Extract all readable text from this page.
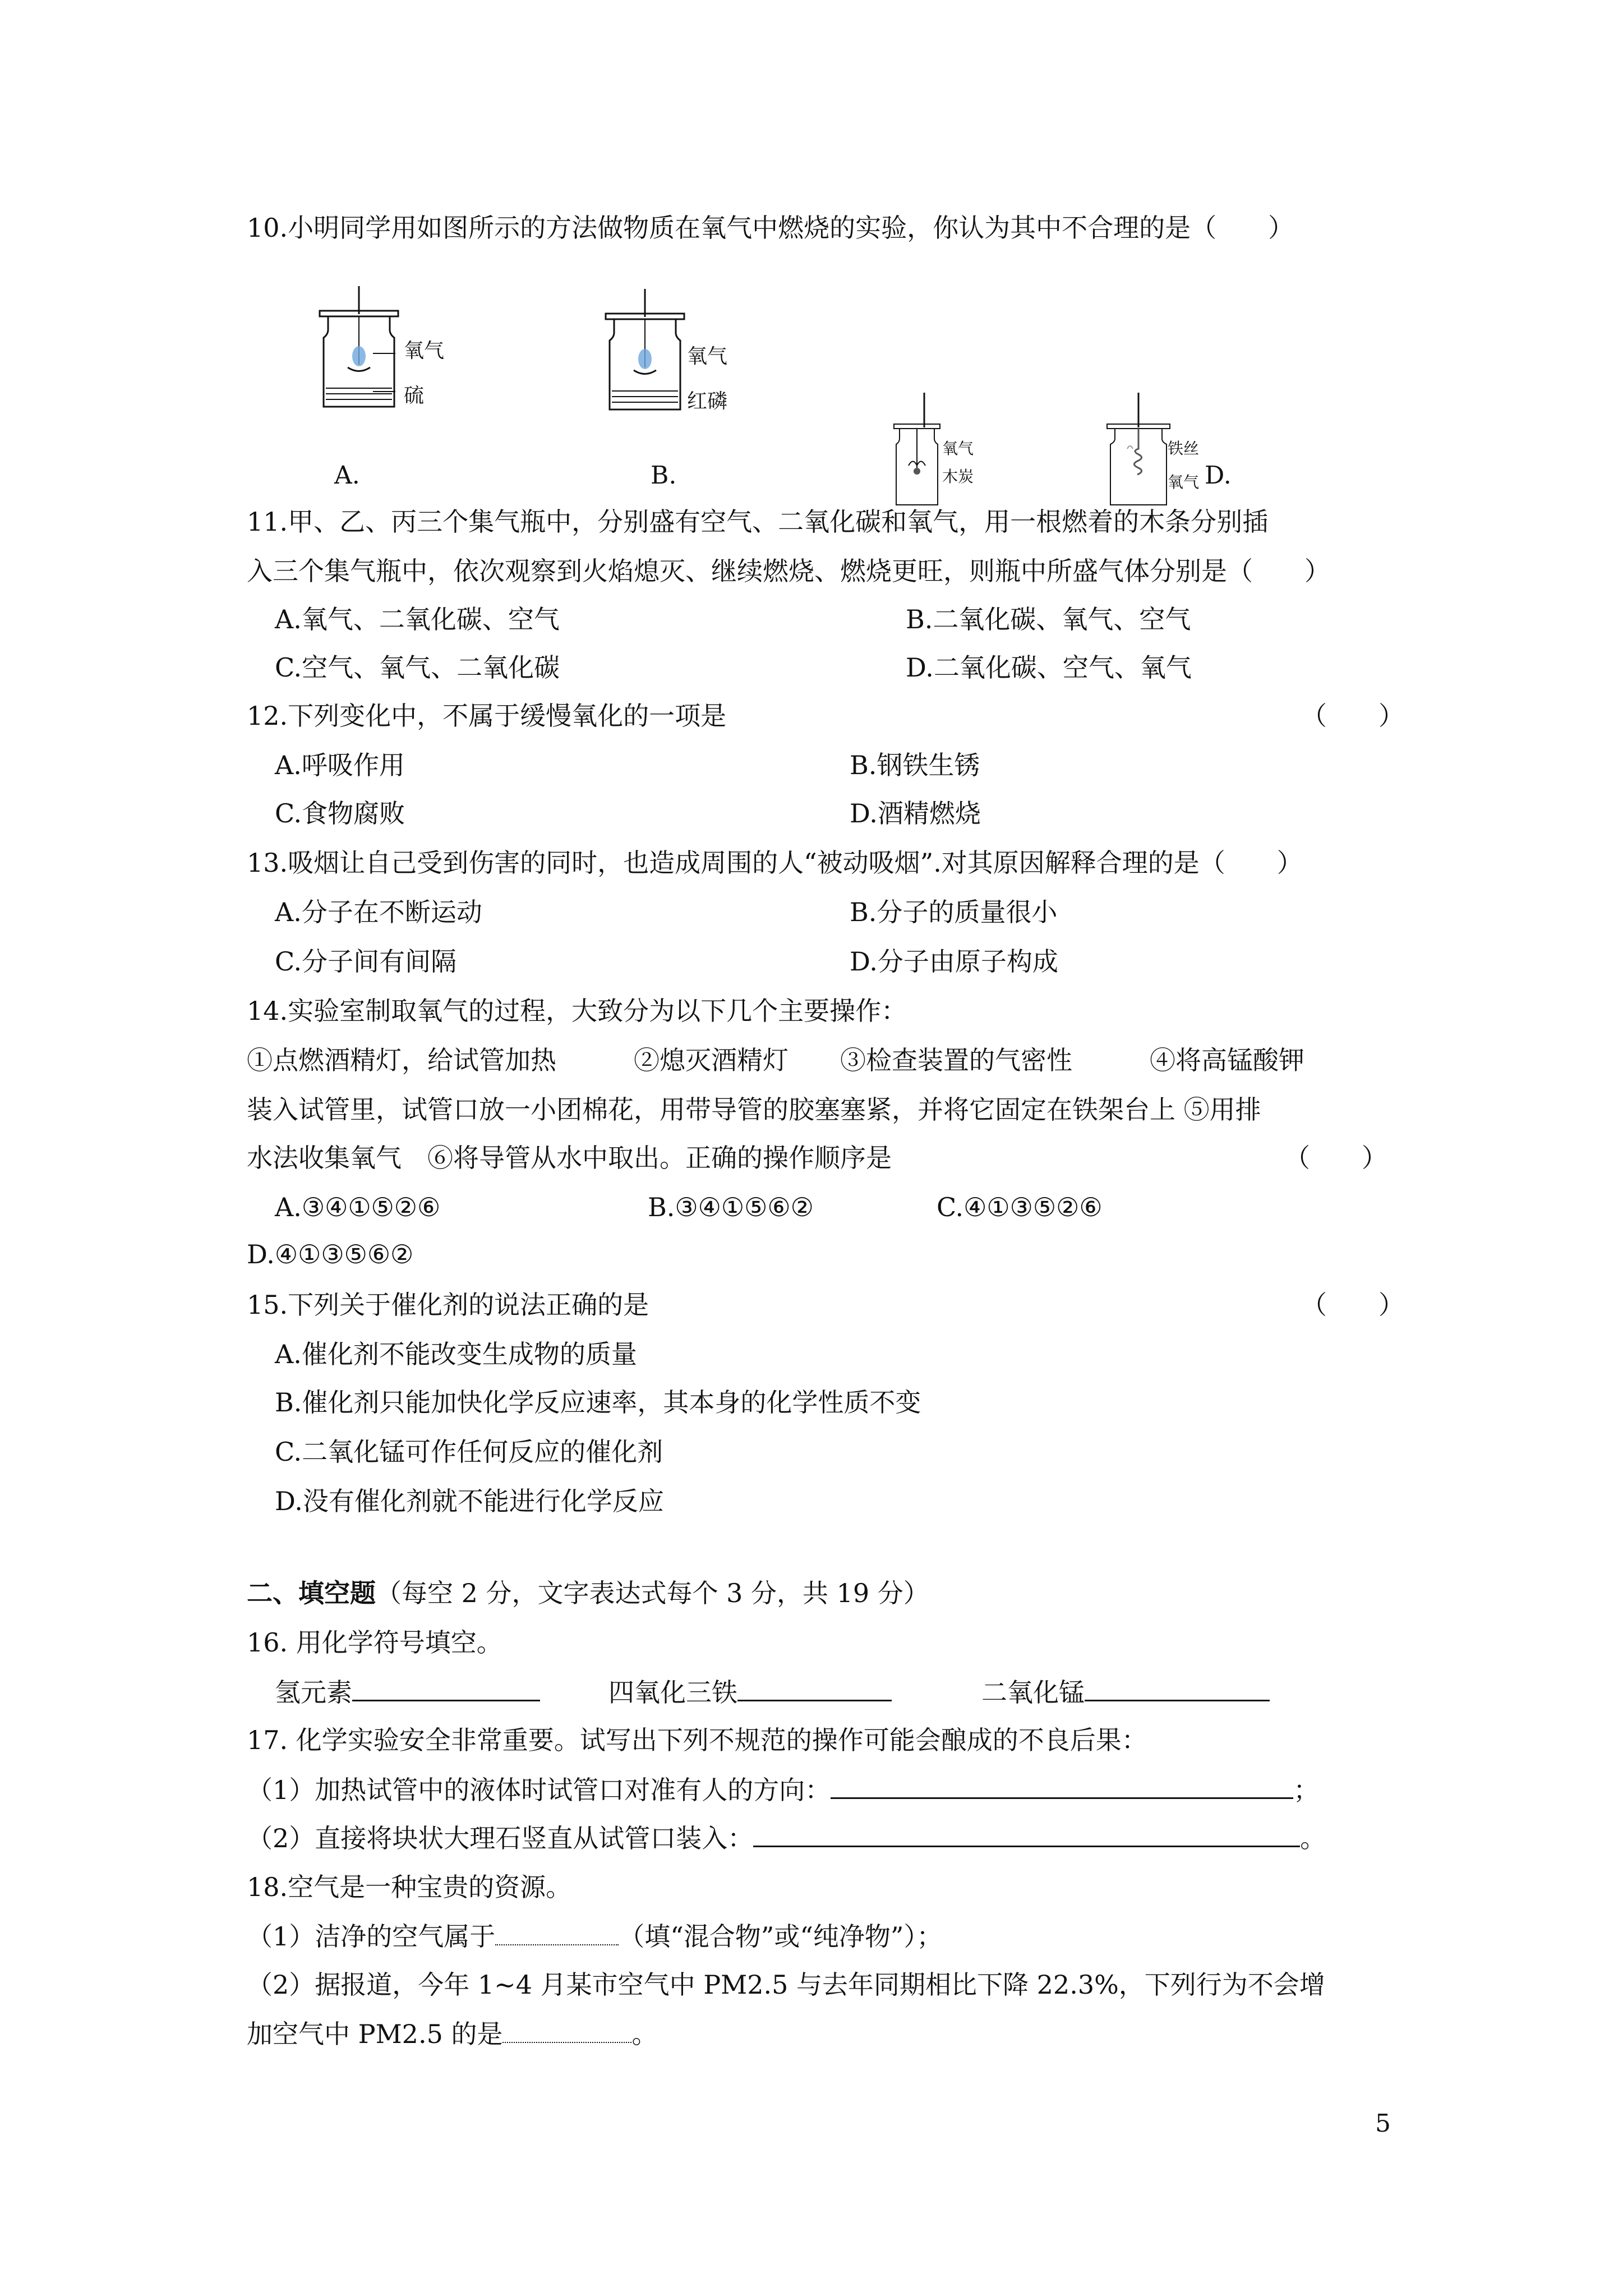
10.小明同学用如图所示的方法做物质在氧气中燃烧的实验，你认为其中不合理的是（　　）
氧气
硫
A.
氧气
红磷
B.
氧气
木炭
铁丝
氧气 D.
11.甲、乙、丙三个集气瓶中，分别盛有空气、二氧化碳和氧气，用一根燃着的木条分别插
入三个集气瓶中，依次观察到火焰熄灭、继续燃烧、燃烧更旺，则瓶中所盛气体分别是（　　）
A.氧气、二氧化碳、空气	B.二氧化碳、氧气、空气
C.空气、氧气、二氧化碳	D.二氧化碳、空气、氧气
12.下列变化中，不属于缓慢氧化的一项是	（　　）
A.呼吸作用	B.钢铁生锈
C.食物腐败	D.酒精燃烧
13.吸烟让自己受到伤害的同时，也造成周围的人“被动吸烟”.对其原因解释合理的是（　　）
A.分子在不断运动	B.分子的质量很小
C.分子间有间隔	D.分子由原子构成
14.实验室制取氧气的过程，大致分为以下几个主要操作：
①点燃酒精灯，给试管加热　　　②熄灭酒精灯　　③检查装置的气密性　　　④将高锰酸钾
装入试管里，试管口放一小团棉花，用带导管的胶塞塞紧，并将它固定在铁架台上 ⑤用排
水法收集氧气　⑥将导管从水中取出。正确的操作顺序是	（　　）
A.③④①⑤②⑥	B.③④①⑤⑥②	C.④①③⑤②⑥
D.④①③⑤⑥②
15.下列关于催化剂的说法正确的是	（　　）
A.催化剂不能改变生成物的质量
B.催化剂只能加快化学反应速率，其本身的化学性质不变
C.二氧化锰可作任何反应的催化剂
D.没有催化剂就不能进行化学反应
二、填空题（每空 2 分，文字表达式每个 3 分，共 19 分）
16. 用化学符号填空。
氢元素	四氧化三铁	二氧化锰
17. 化学实验安全非常重要。试写出下列不规范的操作可能会酿成的不良后果：
（1）加热试管中的液体时试管口对准有人的方向：	；
（2）直接将块状大理石竖直从试管口装入：	。
18.空气是一种宝贵的资源。
（1）洁净的空气属于	（填“混合物”或“纯净物”）；
（2）据报道，今年 1~4 月某市空气中 PM2.5 与去年同期相比下降 22.3%，下列行为不会增
加空气中 PM2.5 的是	。
5
